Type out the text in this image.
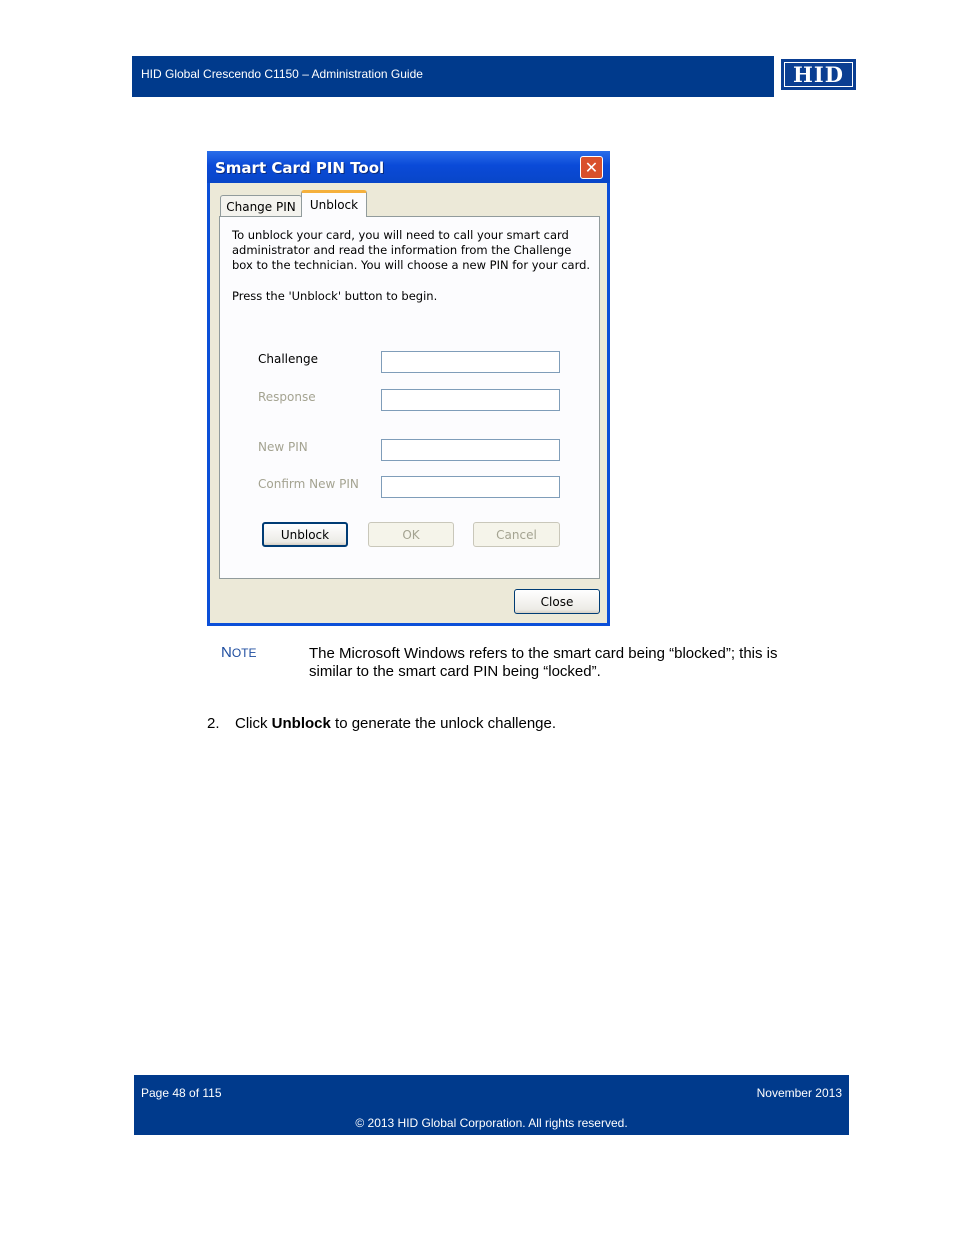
HID Global Crescendo C1150 – Administration Guide	HID
Smart Card PIN Tool	✕
Change PIN	Unblock
To unblock your card, you will need to call your smart card administrator and read the information from the Challenge box to the technician. You will choose a new PIN for your card.
Press the 'Unblock' button to begin.
Challenge
Response
New PIN
Confirm New PIN
Unblock	OK	Cancel
Close
NOTE	The Microsoft Windows refers to the smart card being “blocked”; this is similar to the smart card PIN being “locked”.
2. Click Unblock to generate the unlock challenge.
Page 48 of 115	November 2013
© 2013 HID Global Corporation. All rights reserved.
